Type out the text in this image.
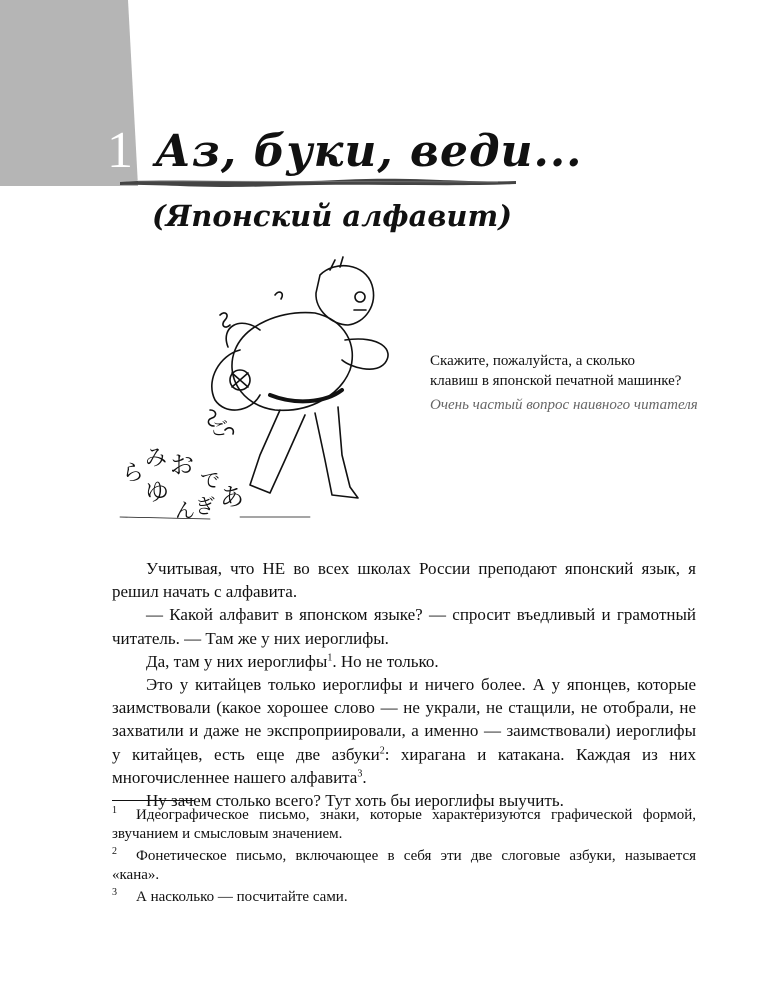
1 Аз, буки, веди...
(Японский алфавит)
ら
み お
ゆ
ん あ
で
ぎ
ご
Скажите, пожалуйста, а сколько
клавиш в японской печатной машинке?
Очень частый вопрос наивного читателя

Учитывая, что НЕ во всех школах России преподают японский язык, я решил начать с алфавита.

— Какой алфавит в японском языке? — спросит въедливый и грамотный читатель. — Там же у них иероглифы.

Да, там у них иероглифы$^1$. Но не только.

Это у китайцев только иероглифы и ничего более. А у японцев, которые заимствовали (какое хорошее слово — не украли, не стащили, не отобрали, не захватили и даже не экспроприировали, а именно — заимствовали) иероглифы у китайцев, есть еще две азбуки$^2$: хирагана и катакана. Каждая из них многочисленнее нашего алфавита$^3$.

Ну зачем столько всего? Тут хоть бы иероглифы выучить.

1 Идеографическое письмо, знаки, которые характеризуются графической формой, звучанием и смысловым значением.
2 Фонетическое письмо, включающее в себя эти две слоговые азбуки, называется «кана».
3 А насколько — посчитайте сами.
